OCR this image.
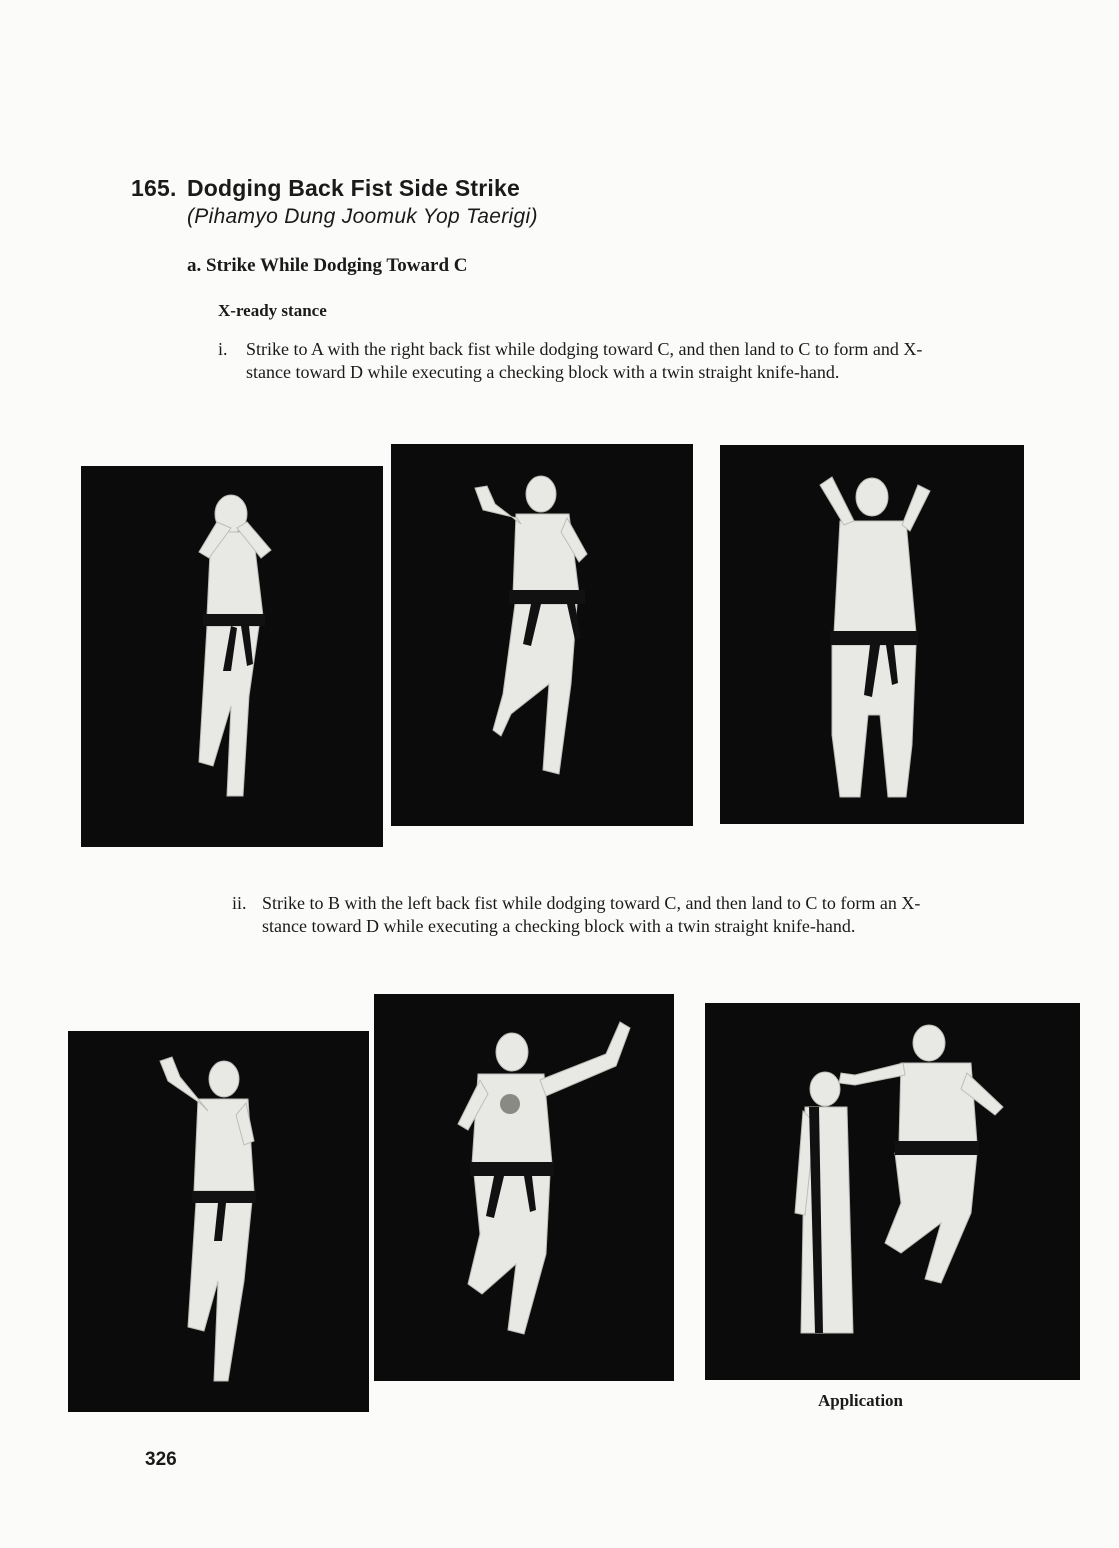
165. Dodging Back Fist Side Strike
(Pihamyo Dung Joomuk Yop Taerigi)
a. Strike While Dodging Toward C
X-ready stance
i. Strike to A with the right back fist while dodging toward C, and then land to C to form and X-stance toward D while executing a checking block with a twin straight knife-hand.
ii. Strike to B with the left back fist while dodging toward C, and then land to C to form an X-stance toward D while executing a checking block with a twin straight knife-hand.
Application
326
